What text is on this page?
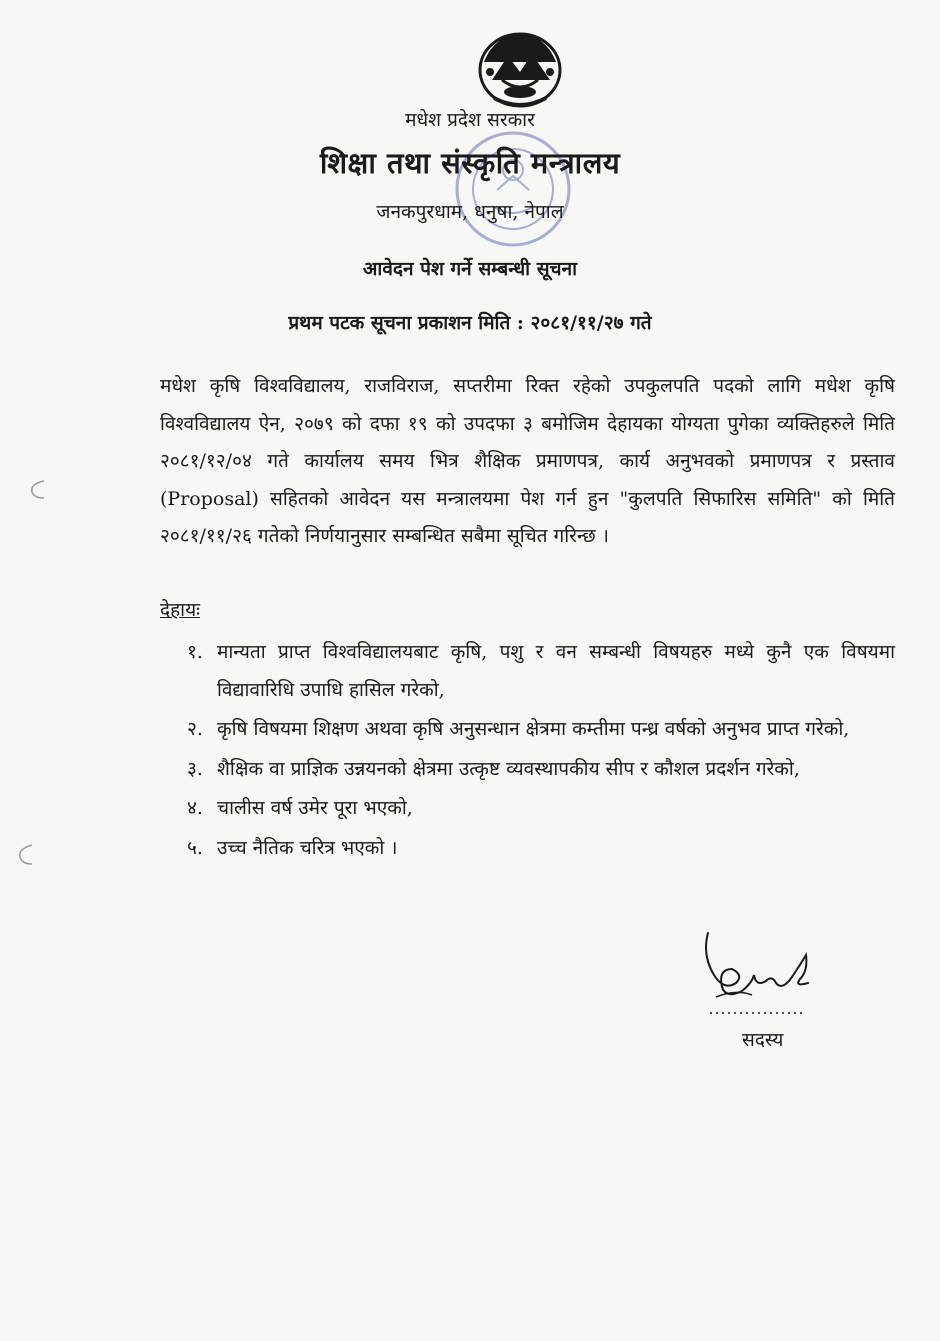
मधेश प्रदेश सरकार
शिक्षा तथा संस्कृति मन्त्रालय
जनकपुरधाम, धनुषा, नेपाल
आवेदन पेश गर्ने सम्बन्धी सूचना
प्रथम पटक सूचना प्रकाशन मिति : २०८१/११/२७ गते
मधेश कृषि विश्वविद्यालय, राजविराज, सप्तरीमा रिक्त रहेको उपकुलपति पदको लागि मधेश कृषि विश्वविद्यालय ऐन, २०७९ को दफा १९ को उपदफा ३ बमोजिम देहायका योग्यता पुगेका व्यक्तिहरुले मिति २०८१/१२/०४ गते कार्यालय समय भित्र शैक्षिक प्रमाणपत्र, कार्य अनुभवको प्रमाणपत्र र प्रस्ताव (Proposal) सहितको आवेदन यस मन्त्रालयमा पेश गर्न हुन "कुलपति सिफारिस समिति" को मिति २०८१/११/२६ गतेको निर्णयानुसार सम्बन्धित सबैमा सूचित गरिन्छ ।
देहायः
१. मान्यता प्राप्त विश्वविद्यालयबाट कृषि, पशु र वन सम्बन्धी विषयहरु मध्ये कुनै एक विषयमा विद्यावारिधि उपाधि हासिल गरेको,
२. कृषि विषयमा शिक्षण अथवा कृषि अनुसन्धान क्षेत्रमा कम्तीमा पन्ध्र वर्षको अनुभव प्राप्त गरेको,
३. शैक्षिक वा प्राज्ञिक उन्नयनको क्षेत्रमा उत्कृष्ट व्यवस्थापकीय सीप र कौशल प्रदर्शन गरेको,
४. चालीस वर्ष उमेर पूरा भएको,
५. उच्च नैतिक चरित्र भएको ।
सदस्य
